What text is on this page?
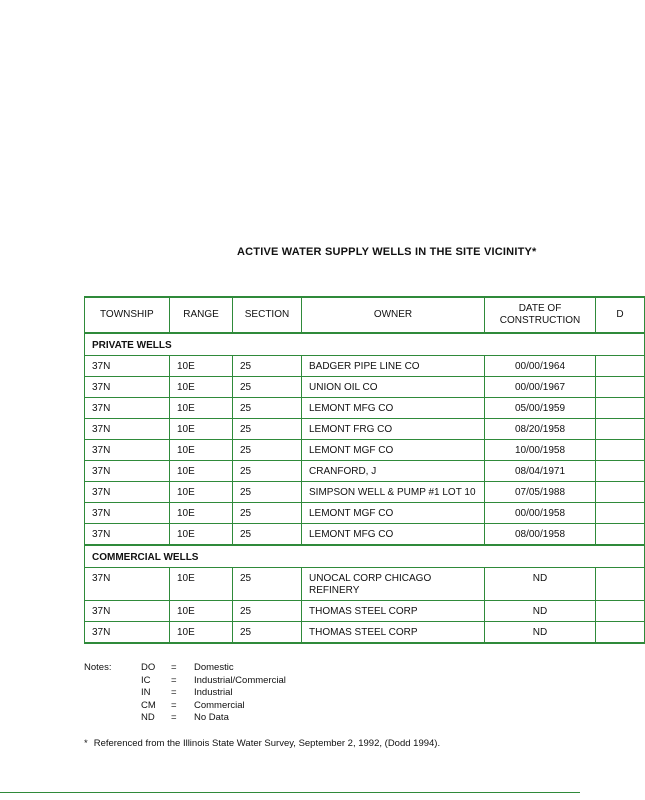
ACTIVE WATER SUPPLY WELLS IN THE SITE VICINITY*
TOWNSHIP	RANGE	SECTION	OWNER	DATE OF CONSTRUCTION	D
PRIVATE WELLS					
37N	10E	25	BADGER PIPE LINE CO	00/00/1964	
37N	10E	25	UNION OIL CO	00/00/1967	
37N	10E	25	LEMONT MFG CO	05/00/1959	
37N	10E	25	LEMONT FRG CO	08/20/1958	
37N	10E	25	LEMONT MGF CO	10/00/1958	
37N	10E	25	CRANFORD, J	08/04/1971	
37N	10E	25	SIMPSON WELL & PUMP #1 LOT 10	07/05/1988	
37N	10E	25	LEMONT MGF CO	00/00/1958	
37N	10E	25	LEMONT MFG CO	08/00/1958	
COMMERCIAL WELLS					
37N	10E	25	UNOCAL CORP CHICAGO REFINERY	ND	
37N	10E	25	THOMAS STEEL CORP	ND	
37N	10E	25	THOMAS STEEL CORP	ND	
Notes:	DO = Domestic
IC = Industrial/Commercial
IN = Industrial
CM = Commercial
ND = No Data
* Referenced from the Illinois State Water Survey, September 2, 1992, (Dodd 1994).
